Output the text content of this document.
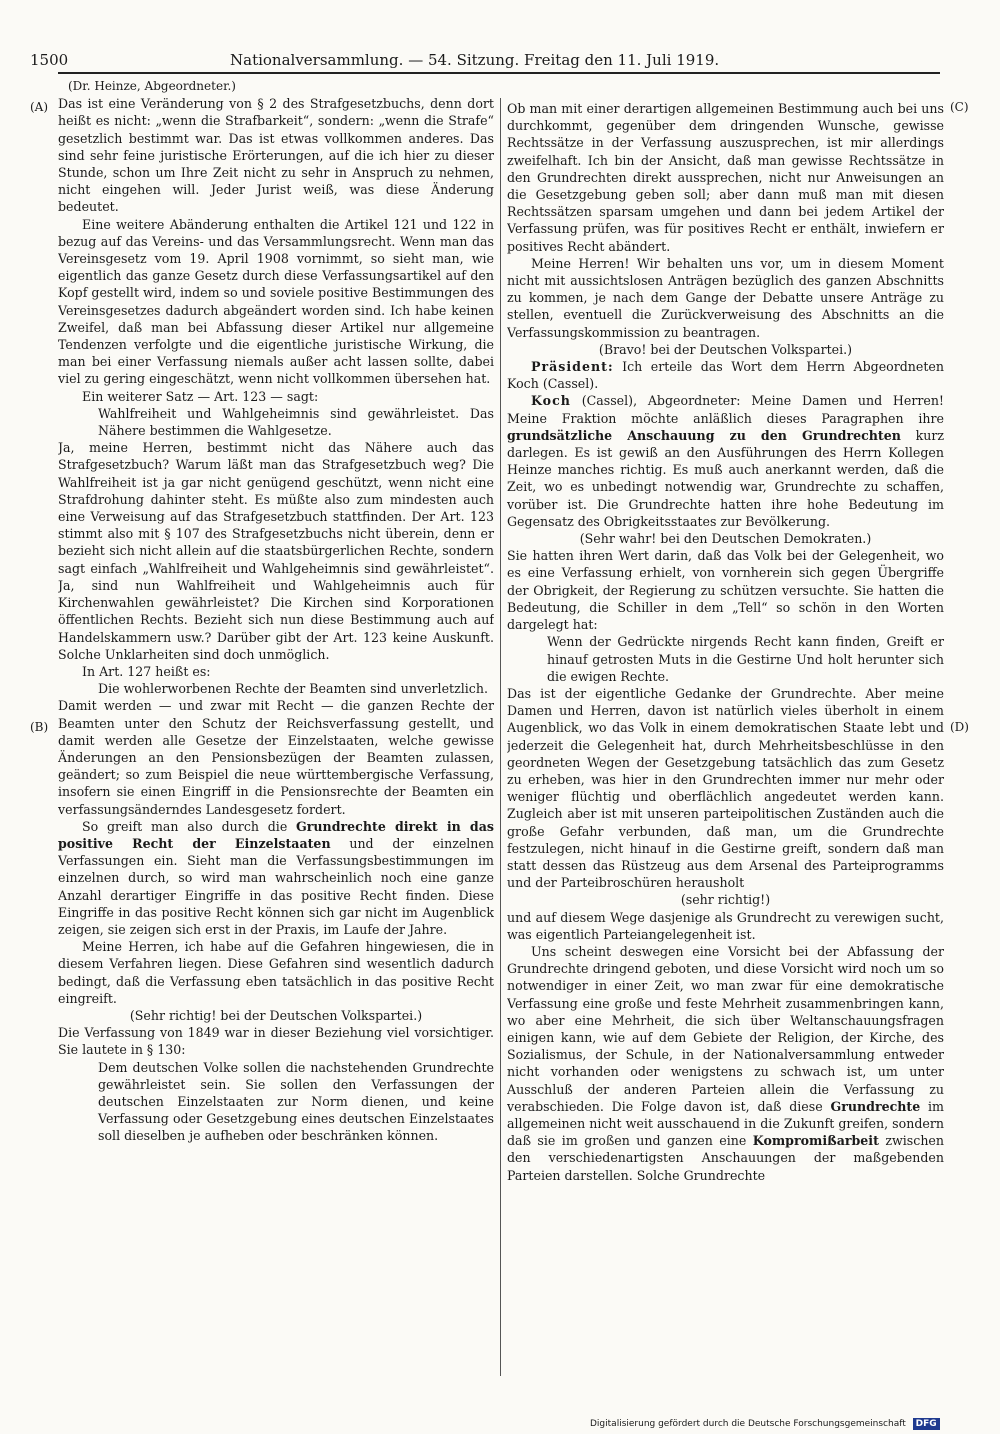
1500	Nationalversammlung. — 54. Sitzung. Freitag den 11. Juli 1919.
(A)
(B)
(C)
(D)

(Dr. Heinze, Abgeordneter.)

Das ist eine Veränderung von § 2 des Strafgesetzbuchs, denn dort heißt es nicht: „wenn die Strafbarkeit“, sondern: „wenn die Strafe“ gesetzlich bestimmt war. Das ist etwas vollkommen anderes. Das sind sehr feine juristische Erörterungen, auf die ich hier zu dieser Stunde, schon um Ihre Zeit nicht zu sehr in Anspruch zu nehmen, nicht eingehen will. Jeder Jurist weiß, was diese Änderung bedeutet.

Eine weitere Abänderung enthalten die Artikel 121 und 122 in bezug auf das Vereins- und das Versammlungsrecht. Wenn man das Vereinsgesetz vom 19. April 1908 vornimmt, so sieht man, wie eigentlich das ganze Gesetz durch diese Verfassungsartikel auf den Kopf gestellt wird, indem so und soviele positive Bestimmungen des Vereinsgesetzes dadurch abgeändert worden sind. Ich habe keinen Zweifel, daß man bei Abfassung dieser Artikel nur allgemeine Tendenzen verfolgte und die eigentliche juristische Wirkung, die man bei einer Verfassung niemals außer acht lassen sollte, dabei viel zu gering eingeschätzt, wenn nicht vollkommen übersehen hat.

Ein weiterer Satz — Art. 123 — sagt:

Wahlfreiheit und Wahlgeheimnis sind gewährleistet. Das Nähere bestimmen die Wahlgesetze.

Ja, meine Herren, bestimmt nicht das Nähere auch das Strafgesetzbuch? Warum läßt man das Strafgesetzbuch weg? Die Wahlfreiheit ist ja gar nicht genügend geschützt, wenn nicht eine Strafdrohung dahinter steht. Es müßte also zum mindesten auch eine Verweisung auf das Strafgesetzbuch stattfinden. Der Art. 123 stimmt also mit § 107 des Strafgesetzbuchs nicht überein, denn er bezieht sich nicht allein auf die staatsbürgerlichen Rechte, sondern sagt einfach „Wahlfreiheit und Wahlgeheimnis sind gewährleistet“. Ja, sind nun Wahlfreiheit und Wahlgeheimnis auch für Kirchenwahlen gewährleistet? Die Kirchen sind Korporationen öffentlichen Rechts. Bezieht sich nun diese Bestimmung auch auf Handelskammern usw.? Darüber gibt der Art. 123 keine Auskunft. Solche Unklarheiten sind doch unmöglich.

In Art. 127 heißt es:

Die wohlerworbenen Rechte der Beamten sind unverletzlich.

Damit werden — und zwar mit Recht — die ganzen Rechte der Beamten unter den Schutz der Reichsverfassung gestellt, und damit werden alle Gesetze der Einzelstaaten, welche gewisse Änderungen an den Pensionsbezügen der Beamten zulassen, geändert; so zum Beispiel die neue württembergische Verfassung, insofern sie einen Eingriff in die Pensionsrechte der Beamten ein verfassungsänderndes Landesgesetz fordert.

So greift man also durch die Grundrechte direkt in das positive Recht der Einzelstaaten und der einzelnen Verfassungen ein. Sieht man die Verfassungsbestimmungen im einzelnen durch, so wird man wahrscheinlich noch eine ganze Anzahl derartiger Eingriffe in das positive Recht finden. Diese Eingriffe in das positive Recht können sich gar nicht im Augenblick zeigen, sie zeigen sich erst in der Praxis, im Laufe der Jahre.

Meine Herren, ich habe auf die Gefahren hingewiesen, die in diesem Verfahren liegen. Diese Gefahren sind wesentlich dadurch bedingt, daß die Verfassung eben tatsächlich in das positive Recht eingreift.

(Sehr richtig! bei der Deutschen Volkspartei.)

Die Verfassung von 1849 war in dieser Beziehung viel vorsichtiger. Sie lautete in § 130:

Dem deutschen Volke sollen die nachstehenden Grundrechte gewährleistet sein. Sie sollen den Verfassungen der deutschen Einzelstaaten zur Norm dienen, und keine Verfassung oder Gesetzgebung eines deutschen Einzelstaates soll dieselben je aufheben oder beschränken können.

Ob man mit einer derartigen allgemeinen Bestimmung auch bei uns durchkommt, gegenüber dem dringenden Wunsche, gewisse Rechtssätze in der Verfassung auszusprechen, ist mir allerdings zweifelhaft. Ich bin der Ansicht, daß man gewisse Rechtssätze in den Grundrechten direkt aussprechen, nicht nur Anweisungen an die Gesetzgebung geben soll; aber dann muß man mit diesen Rechtssätzen sparsam umgehen und dann bei jedem Artikel der Verfassung prüfen, was für positives Recht er enthält, inwiefern er positives Recht abändert.

Meine Herren! Wir behalten uns vor, um in diesem Moment nicht mit aussichtslosen Anträgen bezüglich des ganzen Abschnitts zu kommen, je nach dem Gange der Debatte unsere Anträge zu stellen, eventuell die Zurückverweisung des Abschnitts an die Verfassungskommission zu beantragen.

(Bravo! bei der Deutschen Volkspartei.)

Präsident: Ich erteile das Wort dem Herrn Abgeordneten Koch (Cassel).

Koch (Cassel), Abgeordneter: Meine Damen und Herren! Meine Fraktion möchte anläßlich dieses Paragraphen ihre grundsätzliche Anschauung zu den Grundrechten kurz darlegen. Es ist gewiß an den Ausführungen des Herrn Kollegen Heinze manches richtig. Es muß auch anerkannt werden, daß die Zeit, wo es unbedingt notwendig war, Grundrechte zu schaffen, vorüber ist. Die Grundrechte hatten ihre hohe Bedeutung im Gegensatz des Obrigkeitsstaates zur Bevölkerung.

(Sehr wahr! bei den Deutschen Demokraten.)

Sie hatten ihren Wert darin, daß das Volk bei der Gelegenheit, wo es eine Verfassung erhielt, von vornherein sich gegen Übergriffe der Obrigkeit, der Regierung zu schützen versuchte. Sie hatten die Bedeutung, die Schiller in dem „Tell“ so schön in den Worten dargelegt hat:

Wenn der Gedrückte nirgends Recht kann finden, Greift er hinauf getrosten Muts in die Gestirne Und holt herunter sich die ewigen Rechte.

Das ist der eigentliche Gedanke der Grundrechte. Aber meine Damen und Herren, davon ist natürlich vieles überholt in einem Augenblick, wo das Volk in einem demokratischen Staate lebt und jederzeit die Gelegenheit hat, durch Mehrheitsbeschlüsse in den geordneten Wegen der Gesetzgebung tatsächlich das zum Gesetz zu erheben, was hier in den Grundrechten immer nur mehr oder weniger flüchtig und oberflächlich angedeutet werden kann. Zugleich aber ist mit unseren parteipolitischen Zuständen auch die große Gefahr verbunden, daß man, um die Grundrechte festzulegen, nicht hinauf in die Gestirne greift, sondern daß man statt dessen das Rüstzeug aus dem Arsenal des Parteiprogramms und der Parteibroschüren herausholt

(sehr richtig!)

und auf diesem Wege dasjenige als Grundrecht zu verewigen sucht, was eigentlich Parteiangelegenheit ist.

Uns scheint deswegen eine Vorsicht bei der Abfassung der Grundrechte dringend geboten, und diese Vorsicht wird noch um so notwendiger in einer Zeit, wo man zwar für eine demokratische Verfassung eine große und feste Mehrheit zusammenbringen kann, wo aber eine Mehrheit, die sich über Weltanschauungsfragen einigen kann, wie auf dem Gebiete der Religion, der Kirche, des Sozialismus, der Schule, in der Nationalversammlung entweder nicht vorhanden oder wenigstens zu schwach ist, um unter Ausschluß der anderen Parteien allein die Verfassung zu verabschieden. Die Folge davon ist, daß diese Grundrechte im allgemeinen nicht weit ausschauend in die Zukunft greifen, sondern daß sie im großen und ganzen eine Kompromißarbeit zwischen den verschiedenartigsten Anschauungen der maßgebenden Parteien darstellen. Solche Grundrechte

Digitalisierung gefördert durch die Deutsche Forschungsgemeinschaft DFG
